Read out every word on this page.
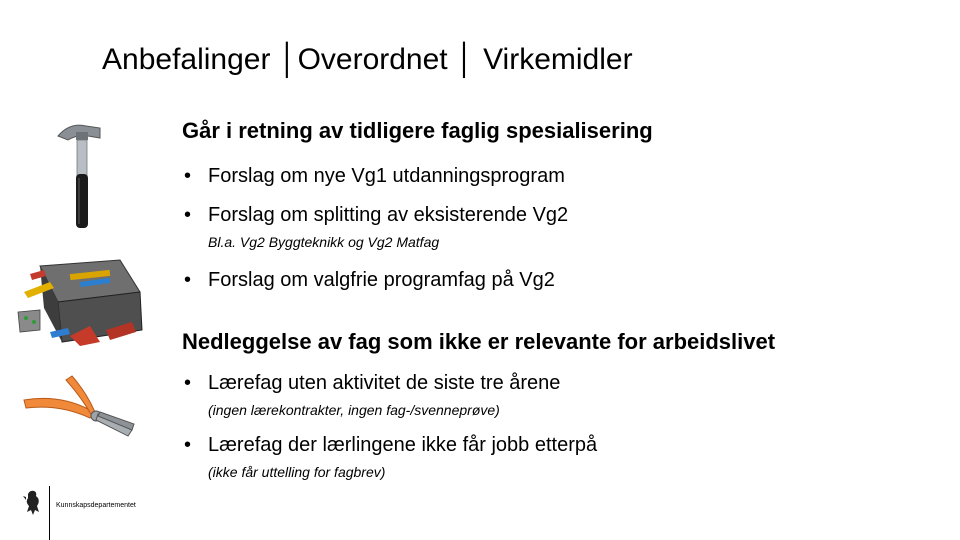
Anbefalinger │Overordnet │ Virkemidler
Går i retning av tidligere faglig spesialisering
• Forslag om nye Vg1 utdanningsprogram
• Forslag om splitting av eksisterende Vg2
Bl.a. Vg2 Byggteknikk og Vg2 Matfag
• Forslag om valgfrie programfag på Vg2
Nedleggelse av fag som ikke er relevante for arbeidslivet
• Lærefag uten aktivitet de siste tre årene
(ingen lærekontrakter, ingen fag-/svenneprøve)
• Lærefag der lærlingene ikke får jobb etterpå
(ikke får uttelling for fagbrev)
Kunnskapsdepartementet
